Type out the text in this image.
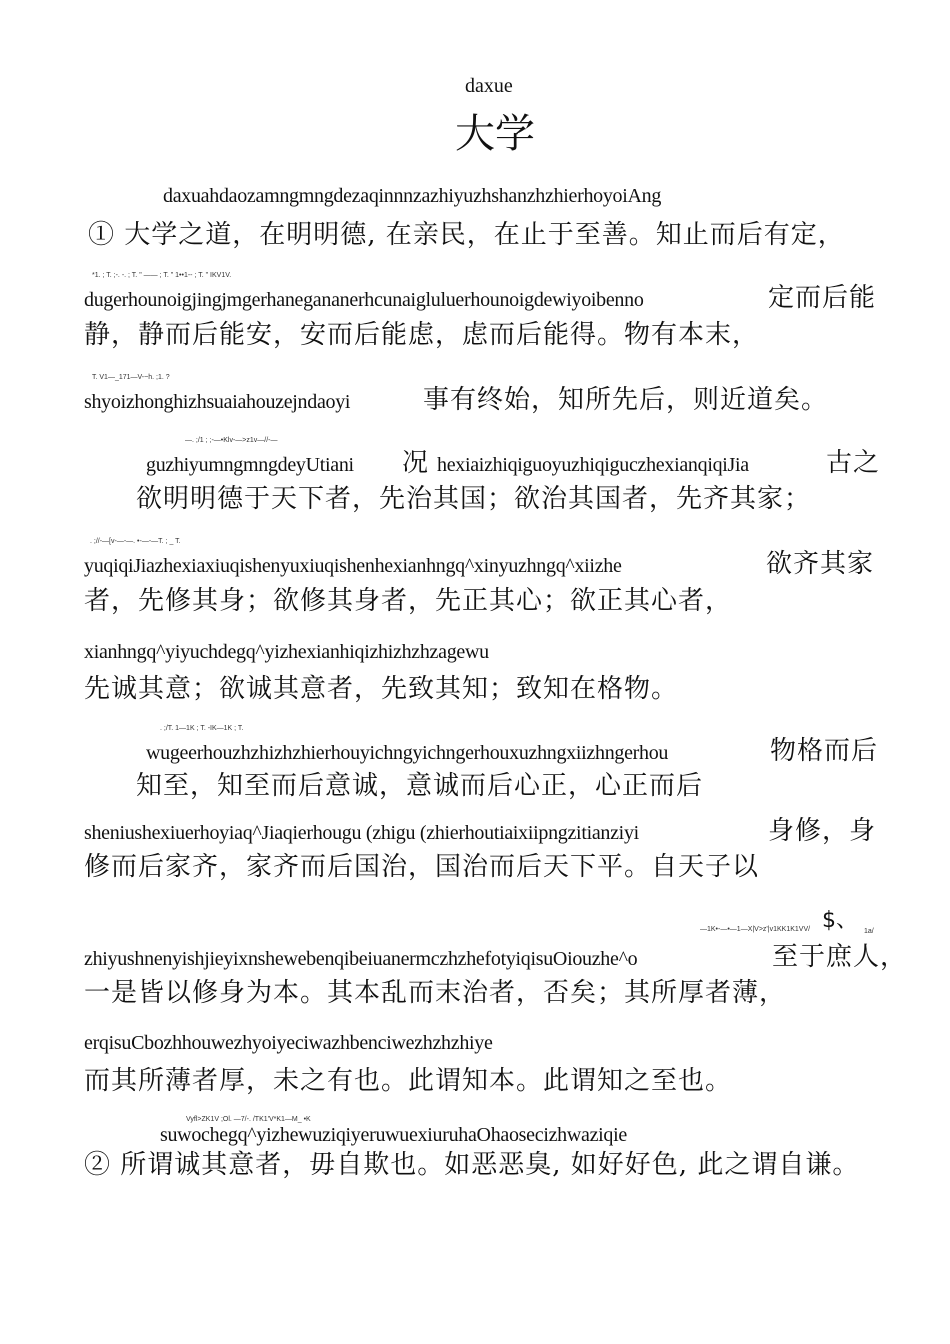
daxue
大学
daxuahdaozamngmngdezaqinnnzazhiyuzhshanzhzhierhoyoiAng
① 大学之道，在明明德, 在亲民，在止于至善。知止而后有定，
*1. ; T. ;-. -. ; T. " —— ; T. " 1••1-- ; T. " IKV1V.
dugerhounoigjingjmgerhaneganan​erhcunaiglul​uerhounoigdewiyoibenno	定而后能
静，静而后能安，安而后能虑，虑而后能得。物有本末，
T. V1—_171—V-~h. ;1. ?
shyoizhonghizhsuaiahouzejndaoyi	事有终始，知所先后，则近道矣。
—. ;/1 ; ;-—•Klv-—>z1v—//-—
guzhiyumngmngdeyUtiani 况 hexiaizhiqiguoyuzhiqiguczhexianqiqiJia	古之
欲明明德于天下者，先治其国；欲治其国者，先齐其家；
. ;//-—[v-—-—. •-—-—T. ; _ T.
yuqiqiJiazhexiaxiuqishenyuxiuqishenhexianhngq^xinyuzhngq^xiizhe	欲齐其家
者，先修其身；欲修其身者，先正其心；欲正其心者，
xianhngq^yiyuchdegq^yizhexianhiqizhizhzhzagewu
先诚其意；欲诚其意者，先致其知；致知在格物。
. ;/T. 1—1K ; T. -IK—1K ; T.
wugeerhouzhzhizhzhierhouyichngyichngerhouxuzhngxiizhngerhou	物格而后
知至，知至而后意诚，意诚而后心正，心正而后
sheniushexiuerhoyiaq^Jiaqierhougu (zhigu (zhierhoutiaixiipngzitianziyi	身修，身
修而后家齐，家齐而后国治，国治而后天下平。自天子以
—1K•-—•—1—X|V>z'|v1KK1K1VV/ $、 1a/
zhiyushnenyishjieyixnshewebenqibeiuanermczhzhefotyiqisuOiouzhe^o	至于庶人，
一是皆以修身为本。其本乱而末治者，否矣；其所厚者薄，
erqisuCbozhhouwezhyoiyeciwazhbenciwezhzhzhiye
而其所薄者厚，未之有也。此谓知本。此谓知之至也。
Vyfl>ZK1V ;Ol. —7/-. /TK1'V*K1—M_ •K
suwochegq^yizhewuziqiyeruwuexiuruhaOhaosecizhwaziqie
② 所谓诚其意者，毋自欺也。如恶恶臭, 如好好色, 此之谓自谦。
